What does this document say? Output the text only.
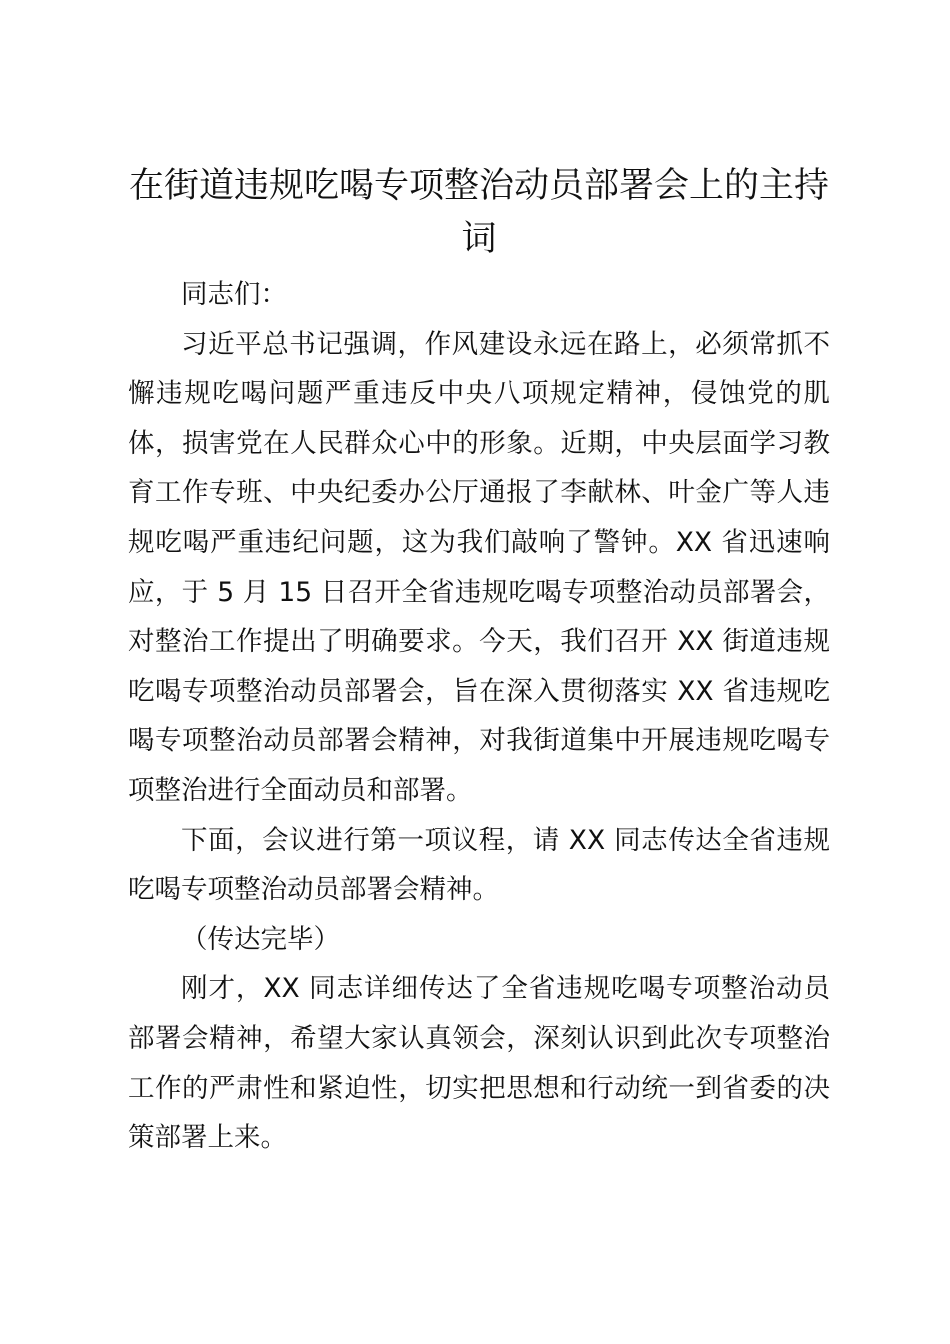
在街道违规吃喝专项整治动员部署会上的主持词

同志们：

习近平总书记强调，作风建设永远在路上，必须常抓不懈违规吃喝问题严重违反中央八项规定精神，侵蚀党的肌体，损害党在人民群众心中的形象。近期，中央层面学习教育工作专班、中央纪委办公厅通报了李献林、叶金广等人违规吃喝严重违纪问题，这为我们敲响了警钟。XX 省迅速响应，于 5 月 15 日召开全省违规吃喝专项整治动员部署会，对整治工作提出了明确要求。今天，我们召开 XX 街道违规吃喝专项整治动员部署会，旨在深入贯彻落实 XX 省违规吃喝专项整治动员部署会精神，对我街道集中开展违规吃喝专项整治进行全面动员和部署。

下面，会议进行第一项议程，请 XX 同志传达全省违规吃喝专项整治动员部署会精神。

（传达完毕）

刚才，XX 同志详细传达了全省违规吃喝专项整治动员部署会精神，希望大家认真领会，深刻认识到此次专项整治工作的严肃性和紧迫性，切实把思想和行动统一到省委的决策部署上来。
